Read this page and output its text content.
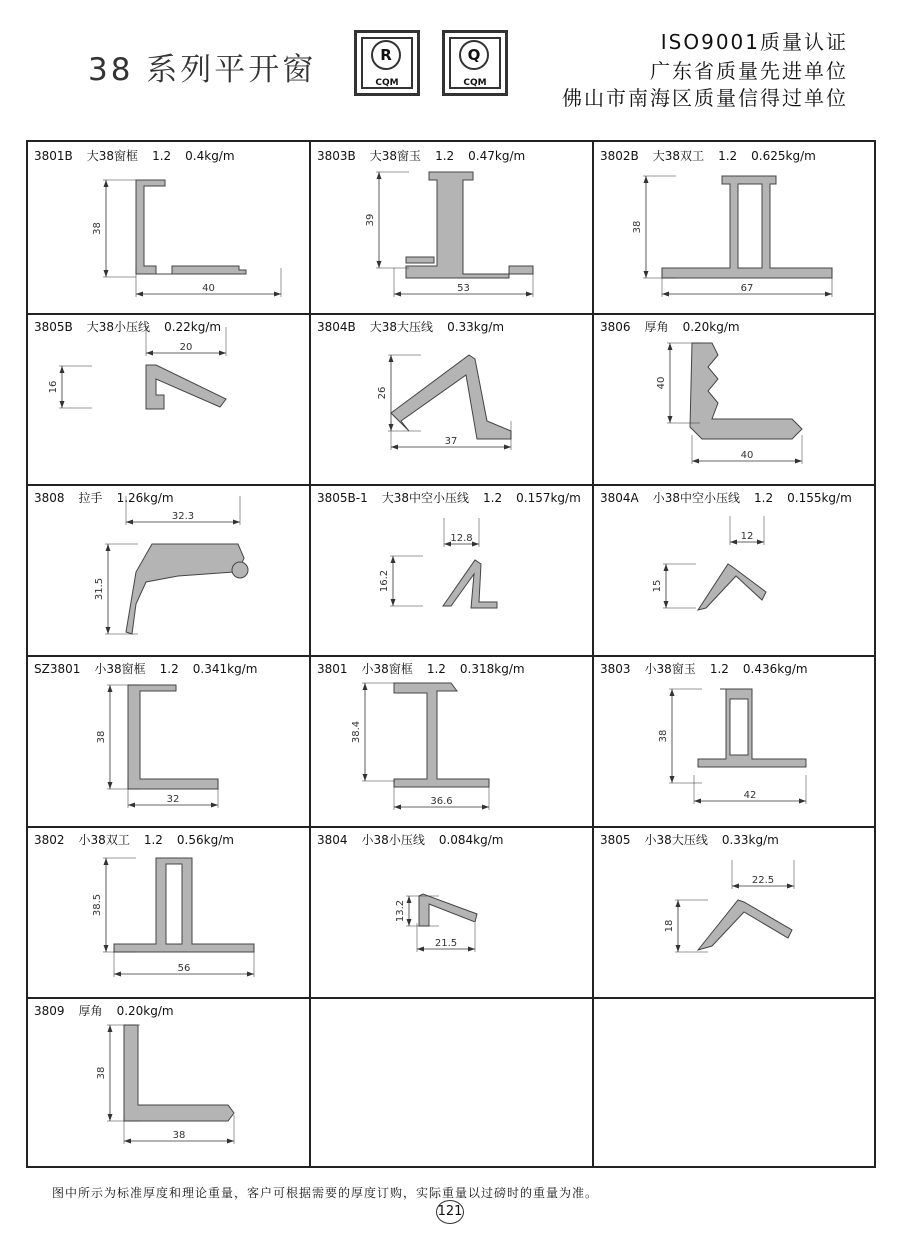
38 系列平开窗	R
CQM
Q
CQM
ISO9001质量认证
广东省质量先进单位
佛山市南海区质量信得过单位
3801B 大38窗框 1.2 0.4kg/m
38
40
3803B 大38窗玉 1.2 0.47kg/m
39
53
3802B 大38双工 1.2 0.625kg/m
38
67
3805B 大38小压线 0.22kg/m
16
20
3804B 大38大压线 0.33kg/m
26
37
3806 厚角 0.20kg/m
40
40
3808 拉手 1.26kg/m
31.5
32.3
3805B-1 大38中空小压线 1.2 0.157kg/m
16.2
12.8
3804A 小38中空小压线 1.2 0.155kg/m
15
12
SZ3801 小38窗框 1.2 0.341kg/m
38
32
3801 小38窗框 1.2 0.318kg/m
38.4
36.6
3803 小38窗玉 1.2 0.436kg/m
38
42
3802 小38双工 1.2 0.56kg/m
38.5
56
3804 小38小压线 0.084kg/m
13.2
21.5
3805 小38大压线 0.33kg/m
18
22.5
3809 厚角 0.20kg/m
38
38
图中所示为标准厚度和理论重量，客户可根据需要的厚度订购，实际重量以过磅时的重量为准。
121
